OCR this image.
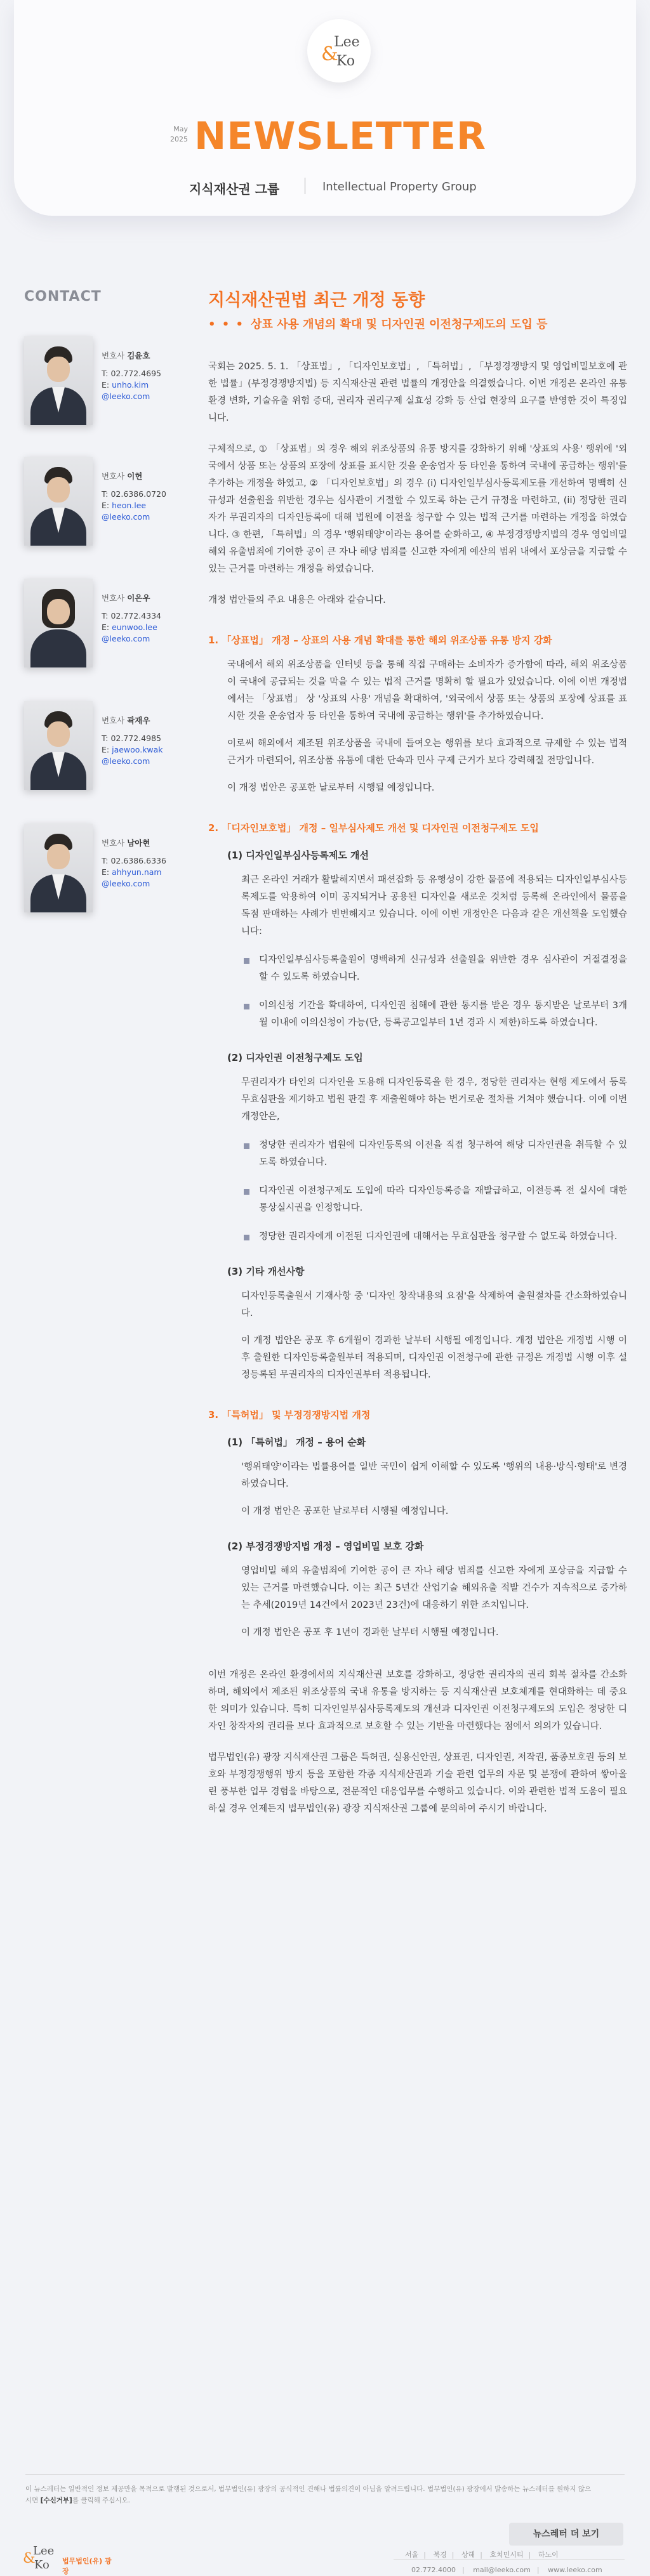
Lee
&
Ko
May
2025 NEWSLETTER
지식재산권 그룹	Intellectual Property Group
CONTACT
변호사 김윤호
T: 02.772.4695
E: unho.kim
@leeko.com
변호사 이헌
T: 02.6386.0720
E: heon.lee
@leeko.com
변호사 이은우
T: 02.772.4334
E: eunwoo.lee
@leeko.com
변호사 곽재우
T: 02.772.4985
E: jaewoo.kwak
@leeko.com
변호사 남아현
T: 02.6386.6336
E: ahhyun.nam
@leeko.com
지식재산권법 최근 개정 동향
• • • 상표 사용 개념의 확대 및 디자인권 이전청구제도의 도입 등

국회는 2025. 5. 1. 「상표법」, 「디자인보호법」, 「특허법」, 「부정경쟁방지 및 영업비밀보호에 관한 법률」(부정경쟁방지법) 등 지식재산권 관련 법률의 개정안을 의결했습니다. 이번 개정은 온라인 유통환경 변화, 기술유출 위험 증대, 권리자 권리구제 실효성 강화 등 산업 현장의 요구를 반영한 것이 특징입니다.

구체적으로, ① 「상표법」의 경우 해외 위조상품의 유통 방지를 강화하기 위해 '상표의 사용' 행위에 '외국에서 상품 또는 상품의 포장에 상표를 표시한 것을 운송업자 등 타인을 통하여 국내에 공급하는 행위'를 추가하는 개정을 하였고, ② 「디자인보호법」의 경우 (i) 디자인일부심사등록제도를 개선하여 명백히 신규성과 선출원을 위반한 경우는 심사관이 거절할 수 있도록 하는 근거 규정을 마련하고, (ii) 정당한 권리자가 무권리자의 디자인등록에 대해 법원에 이전을 청구할 수 있는 법적 근거를 마련하는 개정을 하였습니다. ③ 한편, 「특허법」의 경우 '행위태양'이라는 용어를 순화하고, ④ 부정경쟁방지법의 경우 영업비밀 해외 유출범죄에 기여한 공이 큰 자나 해당 범죄를 신고한 자에게 예산의 범위 내에서 포상금을 지급할 수 있는 근거를 마련하는 개정을 하였습니다.

개정 법안들의 주요 내용은 아래와 같습니다.

1. 「상표법」 개정 – 상표의 사용 개념 확대를 통한 해외 위조상품 유통 방지 강화

국내에서 해외 위조상품을 인터넷 등을 통해 직접 구매하는 소비자가 증가함에 따라, 해외 위조상품이 국내에 공급되는 것을 막을 수 있는 법적 근거를 명확히 할 필요가 있었습니다. 이에 이번 개정법에서는 「상표법」 상 '상표의 사용' 개념을 확대하여, '외국에서 상품 또는 상품의 포장에 상표를 표시한 것을 운송업자 등 타인을 통하여 국내에 공급하는 행위'를 추가하였습니다.

이로써 해외에서 제조된 위조상품을 국내에 들여오는 행위를 보다 효과적으로 규제할 수 있는 법적 근거가 마련되어, 위조상품 유통에 대한 단속과 민사 구제 근거가 보다 강력해질 전망입니다.

이 개정 법안은 공포한 날로부터 시행될 예정입니다.

2. 「디자인보호법」 개정 – 일부심사제도 개선 및 디자인권 이전청구제도 도입
(1) 디자인일부심사등록제도 개선

최근 온라인 거래가 활발해지면서 패션잡화 등 유행성이 강한 물품에 적용되는 디자인일부심사등록제도를 악용하여 이미 공지되거나 공용된 디자인을 새로운 것처럼 등록해 온라인에서 물품을 독점 판매하는 사례가 빈번해지고 있습니다. 이에 이번 개정안은 다음과 같은 개선책을 도입했습니다:

디자인일부심사등록출원이 명백하게 신규성과 선출원을 위반한 경우 심사관이 거절결정을 할 수 있도록 하였습니다.

이의신청 기간을 확대하여, 디자인권 침해에 관한 통지를 받은 경우 통지받은 날로부터 3개월 이내에 이의신청이 가능(단, 등록공고일부터 1년 경과 시 제한)하도록 하였습니다.

(2) 디자인권 이전청구제도 도입

무권리자가 타인의 디자인을 도용해 디자인등록을 한 경우, 정당한 권리자는 현행 제도에서 등록무효심판을 제기하고 법원 판결 후 재출원해야 하는 번거로운 절차를 거쳐야 했습니다. 이에 이번 개정안은,

정당한 권리자가 법원에 디자인등록의 이전을 직접 청구하여 해당 디자인권을 취득할 수 있도록 하였습니다.

디자인권 이전청구제도 도입에 따라 디자인등록증을 재발급하고, 이전등록 전 실시에 대한 통상실시권을 인정합니다.

정당한 권리자에게 이전된 디자인권에 대해서는 무효심판을 청구할 수 없도록 하였습니다.

(3) 기타 개선사항

디자인등록출원서 기재사항 중 '디자인 창작내용의 요점'을 삭제하여 출원절차를 간소화하였습니다.

이 개정 법안은 공포 후 6개월이 경과한 날부터 시행될 예정입니다. 개정 법안은 개정법 시행 이후 출원한 디자인등록출원부터 적용되며, 디자인권 이전청구에 관한 규정은 개정법 시행 이후 설정등록된 무권리자의 디자인권부터 적용됩니다.

3. 「특허법」 및 부정경쟁방지법 개정
(1) 「특허법」 개정 – 용어 순화

'행위태양'이라는 법률용어를 일반 국민이 쉽게 이해할 수 있도록 '행위의 내용·방식·형태'로 변경하였습니다.

이 개정 법안은 공포한 날로부터 시행될 예정입니다.

(2) 부정경쟁방지법 개정 – 영업비밀 보호 강화

영업비밀 해외 유출범죄에 기여한 공이 큰 자나 해당 범죄를 신고한 자에게 포상금을 지급할 수 있는 근거를 마련했습니다. 이는 최근 5년간 산업기술 해외유출 적발 건수가 지속적으로 증가하는 추세(2019년 14건에서 2023년 23건)에 대응하기 위한 조치입니다.

이 개정 법안은 공포 후 1년이 경과한 날부터 시행될 예정입니다.

이번 개정은 온라인 환경에서의 지식재산권 보호를 강화하고, 정당한 권리자의 권리 회복 절차를 간소화하며, 해외에서 제조된 위조상품의 국내 유통을 방지하는 등 지식재산권 보호체계를 현대화하는 데 중요한 의미가 있습니다. 특히 디자인일부심사등록제도의 개선과 디자인권 이전청구제도의 도입은 정당한 디자인 창작자의 권리를 보다 효과적으로 보호할 수 있는 기반을 마련했다는 점에서 의의가 있습니다.

법무법인(유) 광장 지식재산권 그룹은 특허권, 실용신안권, 상표권, 디자인권, 저작권, 품종보호권 등의 보호와 부정경쟁행위 방지 등을 포함한 각종 지식재산권과 기술 관련 업무의 자문 및 분쟁에 관하여 쌓아올린 풍부한 업무 경험을 바탕으로, 전문적인 대응업무를 수행하고 있습니다. 이와 관련한 법적 도움이 필요하실 경우 언제든지 법무법인(유) 광장 지식재산권 그룹에 문의하여 주시기 바랍니다.

이 뉴스레터는 일반적인 정보 제공만을 목적으로 발행된 것으로서, 법무법인(유) 광장의 공식적인 견해나 법률의견이 아님을 알려드립니다. 법무법인(유) 광장에서 발송하는 뉴스레터를 원하지 않으시면 [수신거부]를 클릭해 주십시오.
뉴스레터 더 보기
Lee
&
Ko 법무법인(유) 광장
서울 | 북경 | 상해 | 호치민시티 | 하노이
02.772.4000 | mail@leeko.com | www.leeko.com
